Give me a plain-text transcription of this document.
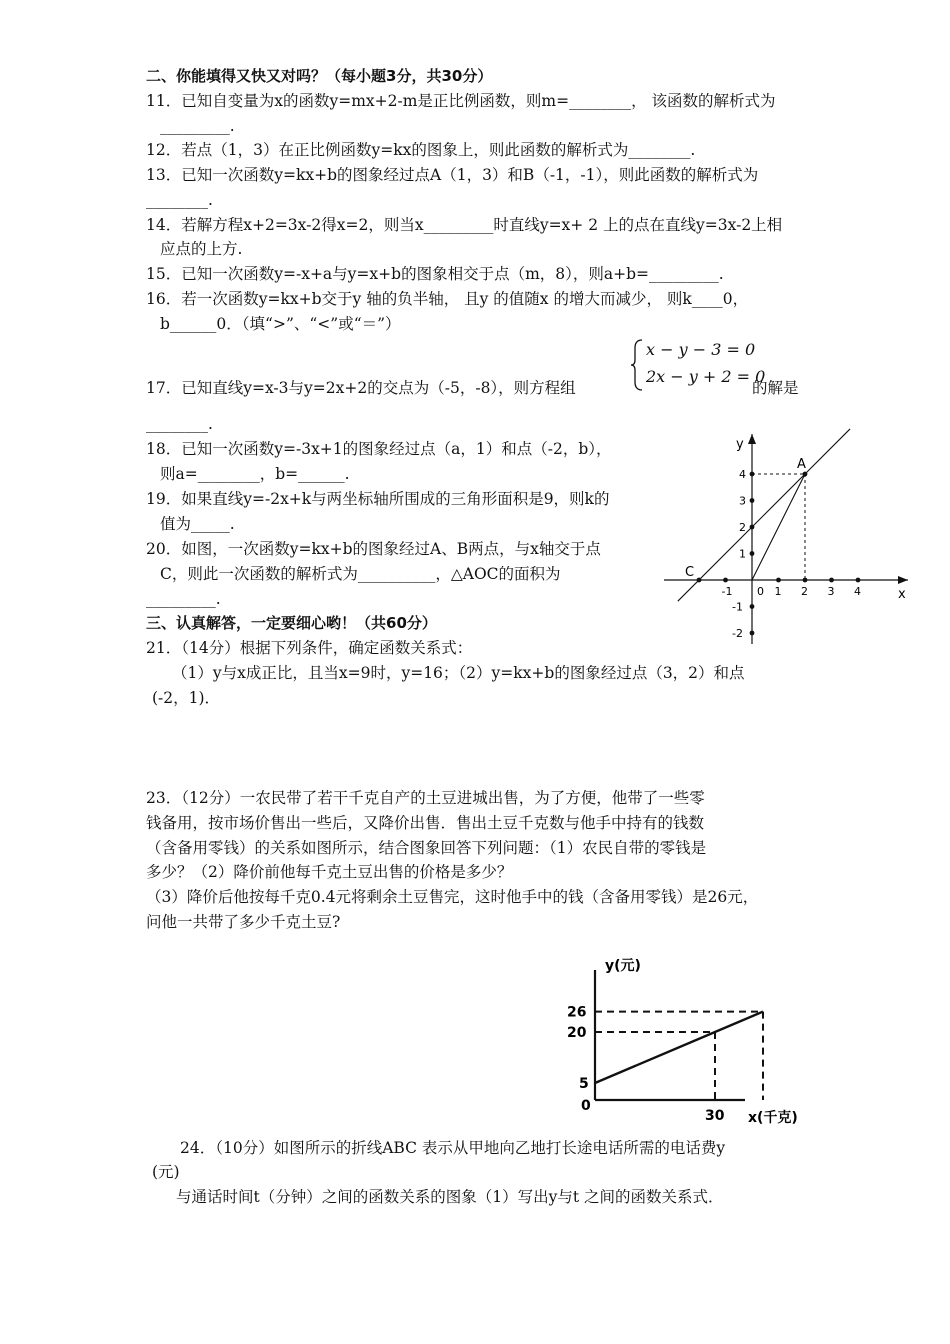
二、你能填得又快又对吗？（每小题3分，共30分）
11．已知自变量为x的函数y=mx+2-m是正比例函数，则m=________， 该函数的解析式为
_________.
12．若点（1，3）在正比例函数y=kx的图象上，则此函数的解析式为________.
13．已知一次函数y=kx+b的图象经过点A（1，3）和B（-1，-1），则此函数的解析式为
________.
14．若解方程x+2=3x-2得x=2，则当x_________时直线y=x+ 2 上的点在直线y=3x-2上相
应点的上方.
15．已知一次函数y=-x+a与y=x+b的图象相交于点（m，8），则a+b=_________.
16．若一次函数y=kx+b交于y 轴的负半轴， 且y 的值随x 的增大而减少， 则k____0，
b______0．（填“>”、“<”或“＝”）
x − y − 3 = 0
2x − y + 2 = 0
17．已知直线y=x-3与y=2x+2的交点为（-5，-8），则方程组	的解是
________.
18．已知一次函数y=-3x+1的图象经过点（a，1）和点（-2，b），
则a=________，b=______.
19．如果直线y=-2x+k与两坐标轴所围成的三角形面积是9，则k的
值为_____.
20．如图，一次函数y=kx+b的图象经过A、B两点，与x轴交于点
C，则此一次函数的解析式为__________，△AOC的面积为
_________.	x
y
0
-1	1 2 3 4
4
3
2
1
-1
-2
A
C
三、认真解答，一定要细心哟！（共60分）
21．（14分）根据下列条件，确定函数关系式：
（1）y与x成正比，且当x=9时，y=16；（2）y=kx+b的图象经过点（3，2）和点
(-2，1)．
23．（12分）一农民带了若干千克自产的土豆进城出售，为了方便，他带了一些零
钱备用，按市场价售出一些后，又降价出售．售出土豆千克数与他手中持有的钱数
（含备用零钱）的关系如图所示，结合图象回答下列问题：（1）农民自带的零钱是
多少？（2）降价前他每千克土豆出售的价格是多少？
（3）降价后他按每千克0.4元将剩余土豆售完，这时他手中的钱（含备用零钱）是26元，
问他一共带了多少千克土豆?
y(元)
x(千克)
0
26
20
5
30
24．（10分）如图所示的折线ABC 表示从甲地向乙地打长途电话所需的电话费y
(元)
与通话时间t（分钟）之间的函数关系的图象（1）写出y与t 之间的函数关系式．
